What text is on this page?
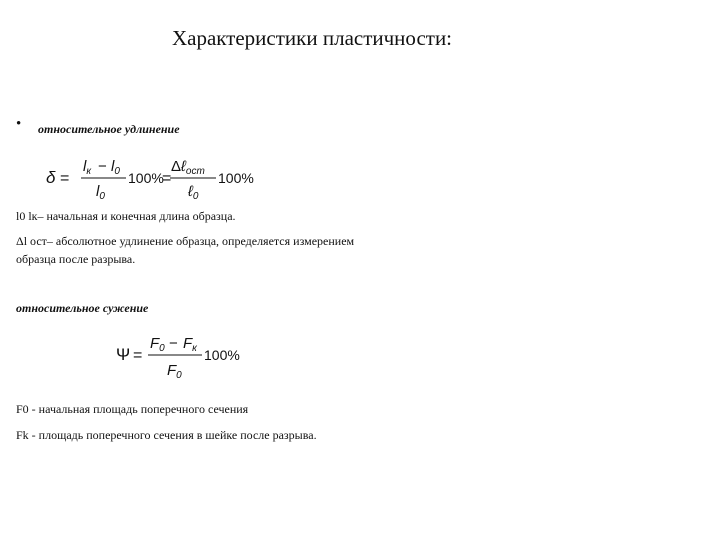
Характеристики пластичности:
• относительное удлинение
δ =
$l_к - l_0$
$l_0$
100%
=
Δℓ$_{ост}$
ℓ$_0$
100%
l0 lк– начальная и конечная длина образца.
Δl ост– абсолютное удлинение образца, определяется измерением
образца после разрыва.
относительное сужение
Ψ =
$F_0 - F_к$
$F_0$
100%
F0 - начальная площадь поперечного сечения
Fk - площадь поперечного сечения в шейке после разрыва.
